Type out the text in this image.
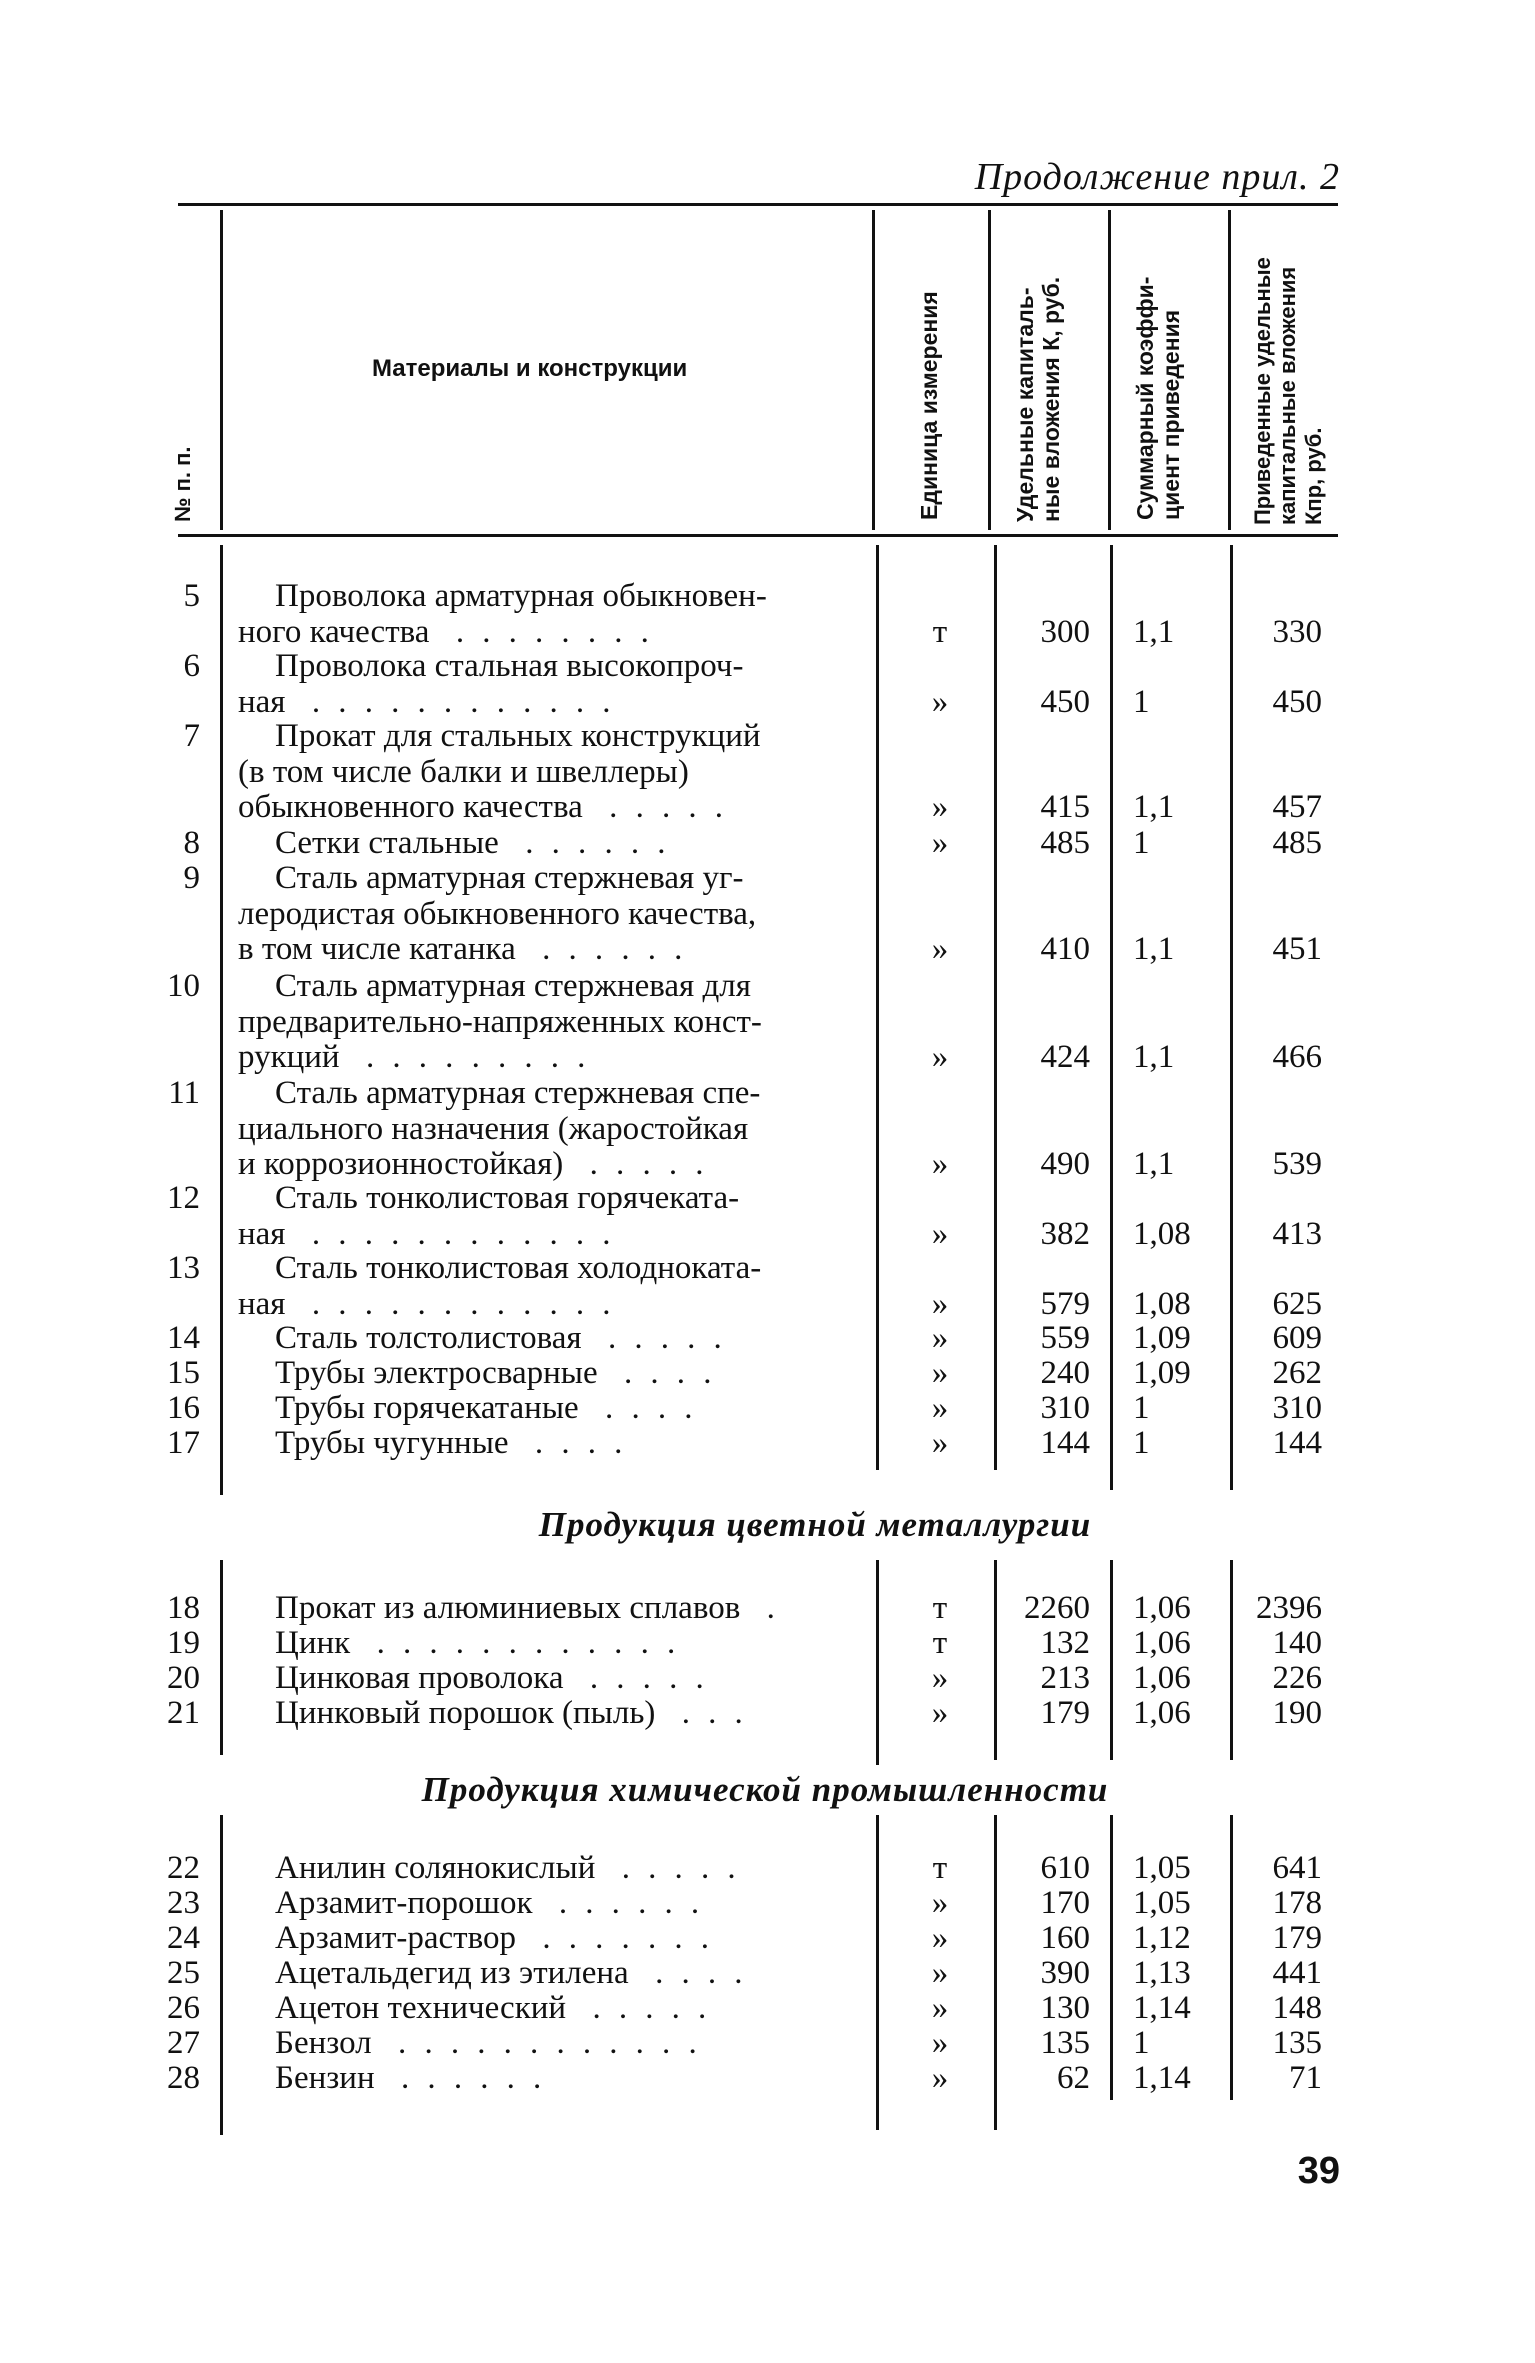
Продолжение прил. 2
№ п. п.
Материалы и конструкции	Единица измерения	Удельные капиталь- ные вложения К, руб.	Суммарный коэффи- циент приведения	Приведенные удельные капитальные вложения Кпр, руб.
Продукция цветной металлургии
Продукция химической промышленности
5 Проволока арматурная обыкновен-
ного качества ........	т	300 1,1	330
6 Проволока стальная высокопроч-
ная ............	»	450 1	450
7 Прокат для стальных конструкций
(в том числе балки и швеллеры)
обыкновенного качества .....	»	415 1,1	457
8 Сетки стальные ......	»	485 1	485
9 Сталь арматурная стержневая уг-
леродистая обыкновенного качества,
в том числе катанка ......	»	410 1,1	451
10 Сталь арматурная стержневая для
предварительно-напряженных конст-
рукций .........	»	424 1,1	466
11 Сталь арматурная стержневая спе-
циального назначения (жаростойкая
и коррозионностойкая) .....	»	490 1,1	539
12 Сталь тонколистовая горячеката-
ная ............	»	382 1,08	413
13 Сталь тонколистовая холоднoката-
ная ............	»	579 1,08	625
14 Сталь толстолистовая .....	»	559 1,09	609
15 Трубы электросварные ....	»	240 1,09	262
16 Трубы горячекатаные ....	»	310 1	310
17 Трубы чугунные ....	»	144 1	144
18 Прокат из алюминиевых сплавов .	т	2260 1,06	2396
19 Цинк ............	т	132 1,06	140
20 Цинковая проволока .....	»	213 1,06	226
21 Цинковый порошок (пыль) ...	»	179 1,06	190
22 Анилин солянокислый .....	т	610 1,05	641
23 Арзамит-порошок ......	»	170 1,05	178
24 Арзамит-раствор .......	»	160 1,12	179
25 Ацетальдегид из этилена ....	»	390 1,13	441
26 Ацетон технический .....	»	130 1,14	148
27 Бензол ............	»	135 1	135
28 Бензин ......	»	62 1,14	71
39
